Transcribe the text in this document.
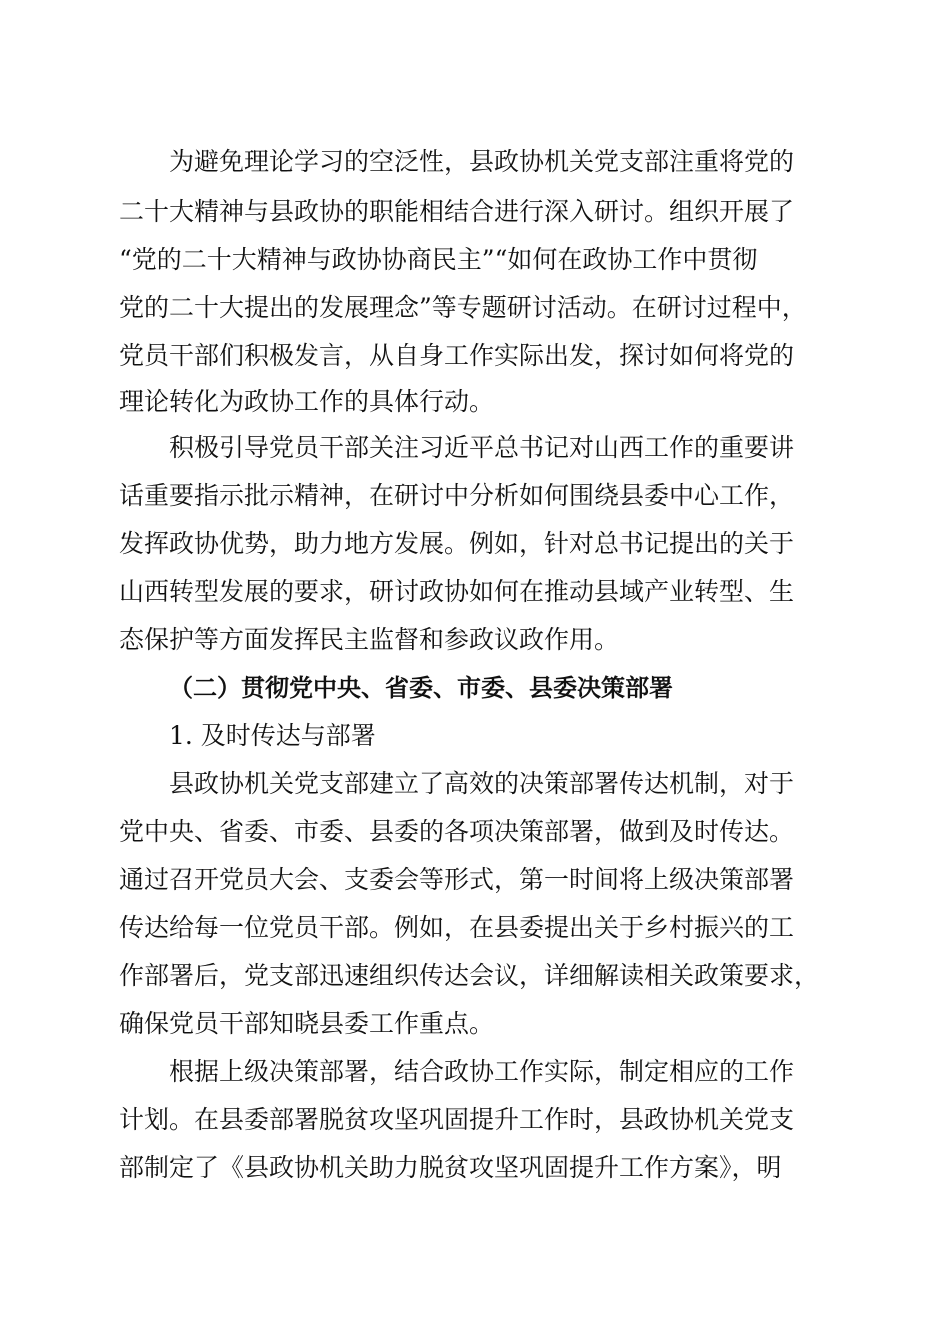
为避免理论学习的空泛性，县政协机关党支部注重将党的
二十大精神与县政协的职能相结合进行深入研讨。组织开展了
“党的二十大精神与政协协商民主”“如何在政协工作中贯彻
党的二十大提出的发展理念”等专题研讨活动。在研讨过程中，
党员干部们积极发言，从自身工作实际出发，探讨如何将党的
理论转化为政协工作的具体行动。
积极引导党员干部关注习近平总书记对山西工作的重要讲
话重要指示批示精神，在研讨中分析如何围绕县委中心工作，
发挥政协优势，助力地方发展。例如，针对总书记提出的关于
山西转型发展的要求，研讨政协如何在推动县域产业转型、生
态保护等方面发挥民主监督和参政议政作用。
（二）贯彻党中央、省委、市委、县委决策部署
1. 及时传达与部署
县政协机关党支部建立了高效的决策部署传达机制，对于
党中央、省委、市委、县委的各项决策部署，做到及时传达。
通过召开党员大会、支委会等形式，第一时间将上级决策部署
传达给每一位党员干部。例如，在县委提出关于乡村振兴的工
作部署后，党支部迅速组织传达会议，详细解读相关政策要求，
确保党员干部知晓县委工作重点。
根据上级决策部署，结合政协工作实际，制定相应的工作
计划。在县委部署脱贫攻坚巩固提升工作时，县政协机关党支
部制定了《县政协机关助力脱贫攻坚巩固提升工作方案》，明
